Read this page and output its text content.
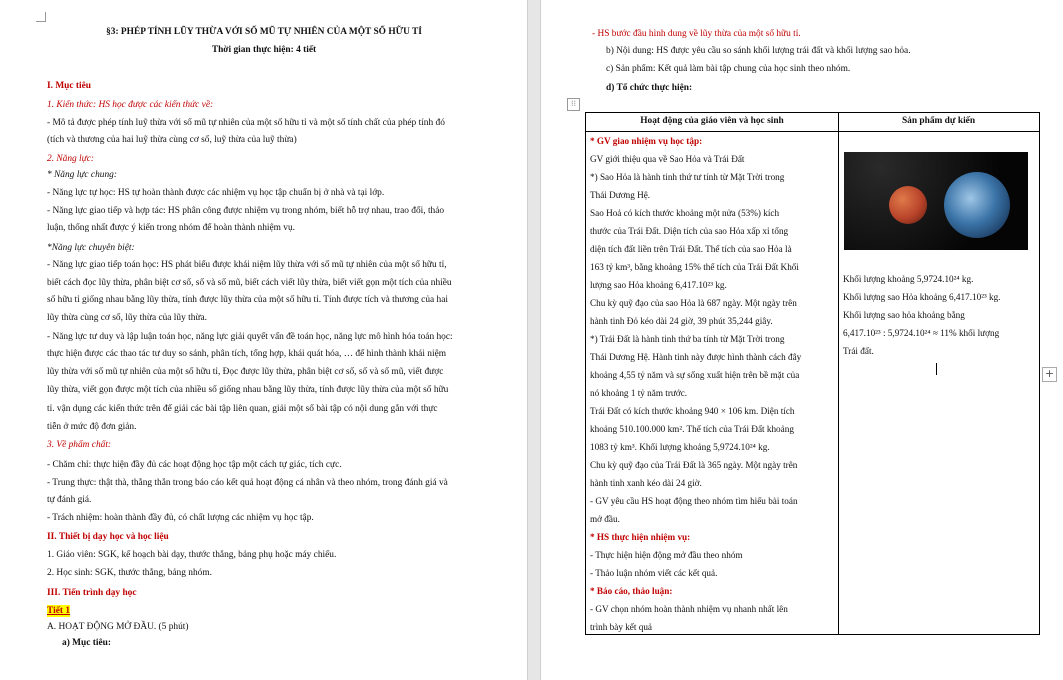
§3: PHÉP TÍNH LŨY THỪA VỚI SỐ MŨ TỰ NHIÊN CỦA MỘT SỐ HỮU TỈ
Thời gian thực hiện: 4 tiết
I. Mục tiêu
1. Kiến thức: HS học được các kiến thức về:
- Mô tả được phép tính luỹ thừa với số mũ tự nhiên của một số hữu tỉ và một số tính chất của phép tính đó
(tích và thương của hai luỹ thừa cùng cơ số, luỹ thừa của luỹ thừa)
2. Năng lực:
* Năng lực chung:
- Năng lực tự học: HS tự hoàn thành được các nhiệm vụ học tập chuẩn bị ở nhà và tại lớp.
- Năng lực giao tiếp và hợp tác: HS phân công được nhiệm vụ trong nhóm, biết hỗ trợ nhau, trao đổi, thảo
luận, thống nhất được ý kiến trong nhóm để hoàn thành nhiệm vụ.
*Năng lực chuyên biệt:
- Năng lực giao tiếp toán học: HS phát biểu được khái niệm lũy thừa với số mũ tự nhiên của một số hữu tỉ,
biết cách đọc lũy thừa, phân biệt cơ số, số và số mũ, biết cách viết lũy thừa, biết viết gọn một tích của nhiều
số hữu tỉ giống nhau bằng lũy thừa, tính được lũy thừa của một số hữu tỉ. Tính được tích và thương của hai
lũy thừa cùng cơ số, lũy thừa của lũy thừa.
- Năng lực tư duy và lập luận toán học, năng lực giải quyết vấn đề toán học, năng lực mô hình hóa toán học:
thực hiện được các thao tác tư duy so sánh, phân tích, tổng hợp, khái quát hóa, … để hình thành khái niệm
lũy thừa với số mũ tự nhiên của một số hữu tỉ, Đọc được lũy thừa, phân biệt cơ số, số và số mũ, viết được
lũy thừa, viết gọn được một tích của nhiều số giống nhau bằng lũy thừa, tính được lũy thừa của một số hữu
tỉ. vận dụng các kiến thức trên để giải các bài tập liên quan, giải một số bài tập có nội dung gắn với thực
tiễn ở mức độ đơn giản.
3. Về phẩm chất:
- Chăm chỉ: thực hiện đầy đủ các hoạt động học tập một cách tự giác, tích cực.
- Trung thực: thật thà, thẳng thắn trong báo cáo kết quả hoạt động cá nhân và theo nhóm, trong đánh giá và
tự đánh giá.
- Trách nhiệm: hoàn thành đầy đủ, có chất lượng các nhiệm vụ học tập.
II. Thiết bị dạy học và học liệu
1. Giáo viên: SGK, kế hoạch bài dạy, thước thẳng, bảng phụ hoặc máy chiếu.
2. Học sinh: SGK, thước thẳng, bảng nhóm.
III. Tiến trình dạy học
Tiết 1
A. HOẠT ĐỘNG MỞ ĐẦU. (5 phút)
a) Mục tiêu:
- HS bước đầu hình dung về lũy thừa của một số hữu tỉ.
b) Nội dung: HS được yêu cầu so sánh khối lượng trái đất và khối lượng sao hỏa.
c) Sản phẩm: Kết quả làm bài tập chung của học sinh theo nhóm.
d) Tổ chức thực hiện:
⁝⁝
Hoạt động của giáo viên và học sinh	Sản phẩm dự kiến
* GV giao nhiệm vụ học tập:
GV giới thiệu qua về Sao Hỏa và Trái Đất
*) Sao Hỏa là hành tinh thứ tư tính từ Mặt Trời trong
Thái Dương Hệ.
Sao Hoả có kích thước khoảng một nửa (53%) kích
thước của Trái Đất. Diện tích của sao Hỏa xấp xỉ tổng
diện tích đất liền trên Trái Đất. Thể tích của sao Hỏa là
163 tỷ km³, bằng khoảng 15% thể tích của Trái Đất Khối
lượng sao Hỏa khoảng 6,417.10²³ kg.
Chu kỳ quỹ đạo của sao Hỏa là 687 ngày. Một ngày trên
hành tinh Đỏ kéo dài 24 giờ, 39 phút 35,244 giây.
*) Trái Đất là hành tinh thứ ba tính từ Mặt Trời trong
Thái Dương Hệ. Hành tinh này được hình thành cách đây
khoảng 4,55 tỷ năm và sự sống xuất hiện trên bề mặt của
nó khoảng 1 tỷ năm trước.
Trái Đất có kích thước khoảng 940 × 106 km. Diện tích
khoảng 510.100.000 km². Thể tích của Trái Đất khoảng
1083 tỷ km³. Khối lượng khoảng 5,9724.10²⁴ kg.
Chu kỳ quỹ đạo của Trái Đất là 365 ngày. Một ngày trên
hành tinh xanh kéo dài 24 giờ.
- GV yêu cầu HS hoạt động theo nhóm tìm hiểu bài toán
mở đầu.
* HS thực hiện nhiệm vụ:
- Thực hiện hiện động mở đầu theo nhóm
- Thảo luận nhóm viết các kết quả.
* Báo cáo, thảo luận:
- GV chọn nhóm hoàn thành nhiệm vụ nhanh nhất lên
trình bày kết quả
Khối lượng khoảng 5,9724.10²⁴ kg.
Khối lượng sao Hỏa khoảng 6,417.10²³ kg.
Khối lượng sao hỏa khoảng bằng
6,417.10²³ : 5,9724.10²⁴ ≈ 11% khối lượng
Trái đất.
+
